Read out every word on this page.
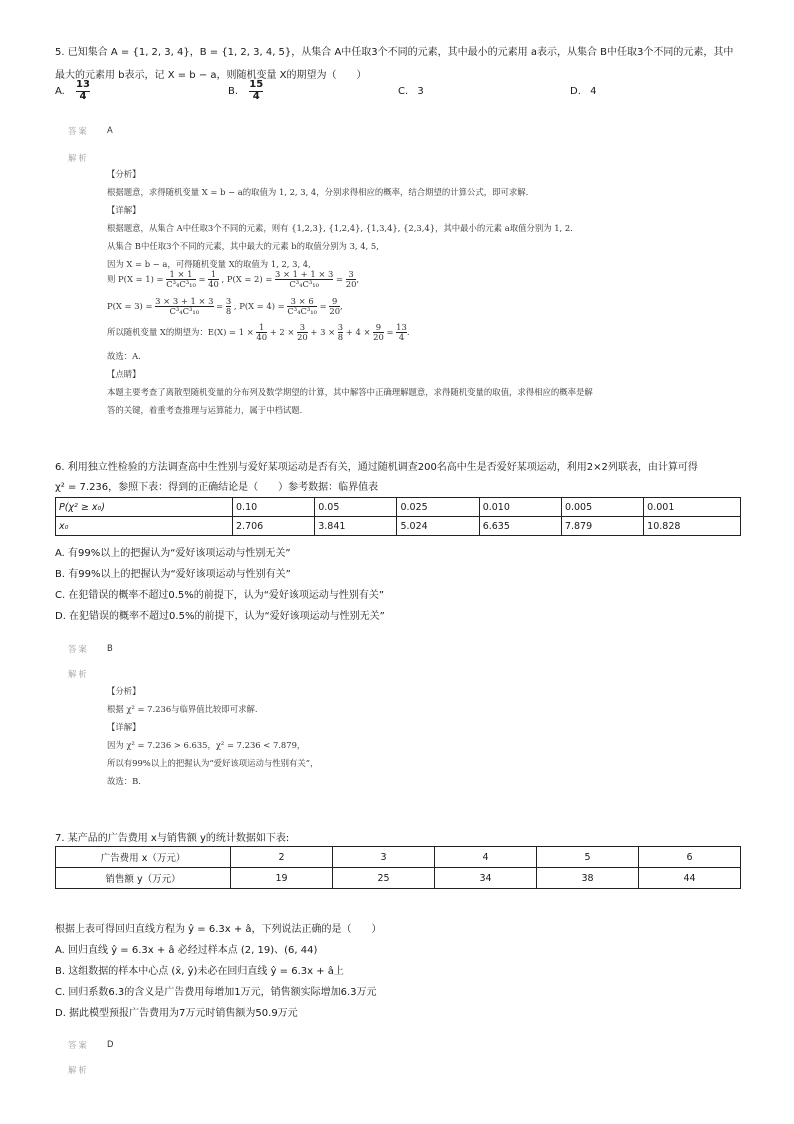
5. 已知集合 A = {1, 2, 3, 4}，B = {1, 2, 3, 4, 5}，从集合 A中任取3个不同的元素，其中最小的元素用 a表示，从集合 B中任取3个不同的元素，其中
最大的元素用 b表示，记 X = b − a，则随机变量 X的期望为（　　）
A. $\frac{13}{4}$	B. $\frac{15}{4}$	C. 3	D. 4
答案 A
解析
【分析】
根据题意，求得随机变量 X = b − a的取值为 1, 2, 3, 4，分别求得相应的概率，结合期望的计算公式，即可求解.
【详解】
根据题意，从集合 A中任取3个不同的元素，则有 {1,2,3}, {1,2,4}, {1,3,4}, {2,3,4}，其中最小的元素 a取值分别为 1, 2.
从集合 B中任取3个不同的元素，其中最大的元素 b的取值分别为 3, 4, 5,
因为 X = b − a，可得随机变量 X的取值为 1, 2, 3, 4,
则 $P(X = 1) = \frac{1 \times 1}{\text{C³₄C³₁₀}} = \frac{1}{40}$ , $P(X = 2) = \frac{3 \times 1 + 1 \times 3}{\text{C³₄C³₁₀}} = \frac{3}{20}$ ,
$P(X = 3) = \frac{3 \times 3 + 1 \times 3}{\text{C³₄C³₁₀}} = \frac{3}{8}$ , $P(X = 4) = \frac{3 \times 6}{\text{C³₄C³₁₀}} = \frac{9}{20}$ ,
所以随机变量 X的期望为：$E(X) = 1 \times \frac{1}{40} + 2 \times \frac{3}{20} + 3 \times \frac{3}{8} + 4 \times \frac{9}{20} = \frac{13}{4}$ .
故选：A.
【点睛】
本题主要考查了离散型随机变量的分布列及数学期望的计算，其中解答中正确理解题意，求得随机变量的取值，求得相应的概率是解
答的关键，着重考查推理与运算能力，属于中档试题.
6. 利用独立性检验的方法调查高中生性别与爱好某项运动是否有关，通过随机调查200名高中生是否爱好某项运动，利用2×2列联表，由计算可得
χ² = 7.236，参照下表：得到的正确结论是（　　）参考数据：临界值表
P(χ² ≥ x₀)	0.10	0.05	0.025	0.010	0.005	0.001
x₀	2.706	3.841	5.024	6.635	7.879	10.828
A. 有99%以上的把握认为“爱好该项运动与性别无关”
B. 有99%以上的把握认为“爱好该项运动与性别有关”
C. 在犯错误的概率不超过0.5%的前提下，认为“爱好该项运动与性别有关”
D. 在犯错误的概率不超过0.5%的前提下，认为“爱好该项运动与性别无关”
答案 B
解析
【分析】
根据 χ² = 7.236与临界值比较即可求解.
【详解】
因为 χ² = 7.236 > 6.635，χ² = 7.236 < 7.879，
所以有99%以上的把握认为“爱好该项运动与性别有关”，
故选：B.
7. 某产品的广告费用 x与销售额 y的统计数据如下表:
广告费用 x（万元）	2	3	4	5	6
销售额 y（万元）	19	25	34	38	44
根据上表可得回归直线方程为 ŷ = 6.3x + â，下列说法正确的是（　　）
A. 回归直线 ŷ = 6.3x + â 必经过样本点 (2, 19)、(6, 44)
B. 这组数据的样本中心点 (x̄, ȳ)未必在回归直线 ŷ = 6.3x + â上
C. 回归系数6.3的含义是广告费用每增加1万元，销售额实际增加6.3万元
D. 据此模型预报广告费用为7万元时销售额为50.9万元
答案 D
解析
